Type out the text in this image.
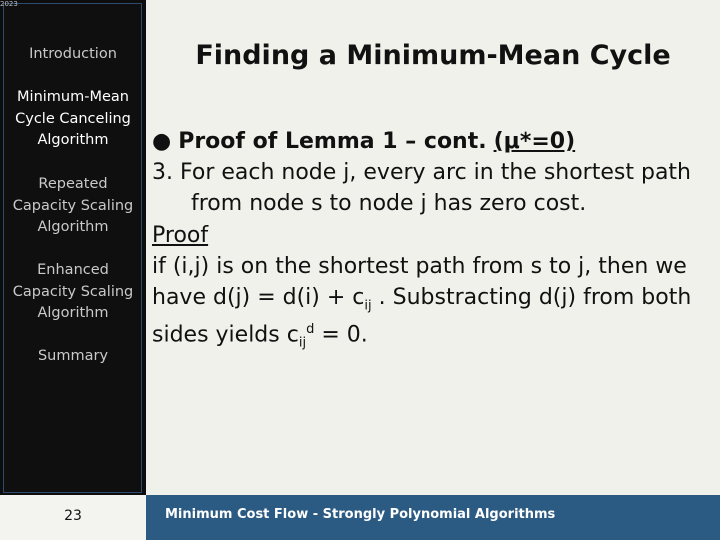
2023
Introduction
Minimum-Mean
Cycle Canceling
Algorithm
Repeated
Capacity Scaling
Algorithm
Enhanced
Capacity Scaling
Algorithm
Summary
Finding a Minimum-Mean Cycle
● Proof of Lemma 1 – cont. (μ*=0)
3. For each node j, every arc in the shortest path
from node s to node j has zero cost.
Proof
if (i,j) is on the shortest path from s to j, then we
have $d(j) = d(i) + c_{ij}$ . Substracting d(j) from both
sides yields $c_{ij}^d = 0$.
23	Minimum Cost Flow - Strongly Polynomial Algorithms
